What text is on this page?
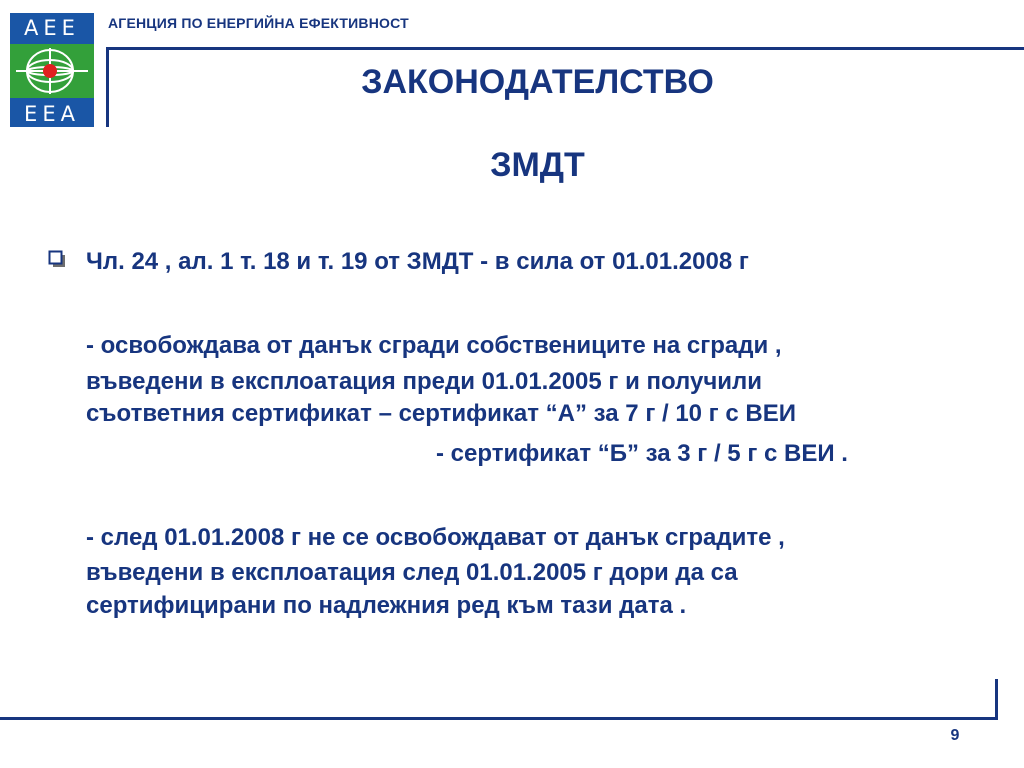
AEE
EEA
АГЕНЦИЯ ПО ЕНЕРГИЙНА ЕФЕКТИВНОСТ
ЗАКОНОДАТЕЛСТВО
ЗМДТ
Чл. 24 , ал. 1 т. 18 и т. 19 от ЗМДТ - в сила от 01.01.2008 г
- освобождава от данък сгради собствениците на сгради ,
въведени в експлоатация преди 01.01.2005 г и получили
съответния сертификат – сертификат “А” за 7 г / 10 г с ВЕИ
- сертификат “Б” за 3 г / 5 г с ВЕИ .
- след 01.01.2008 г не се освобождават от данък сградите ,
въведени в експлоатация след 01.01.2005 г дори да са
сертифицирани по надлежния ред към тази дата .
9
